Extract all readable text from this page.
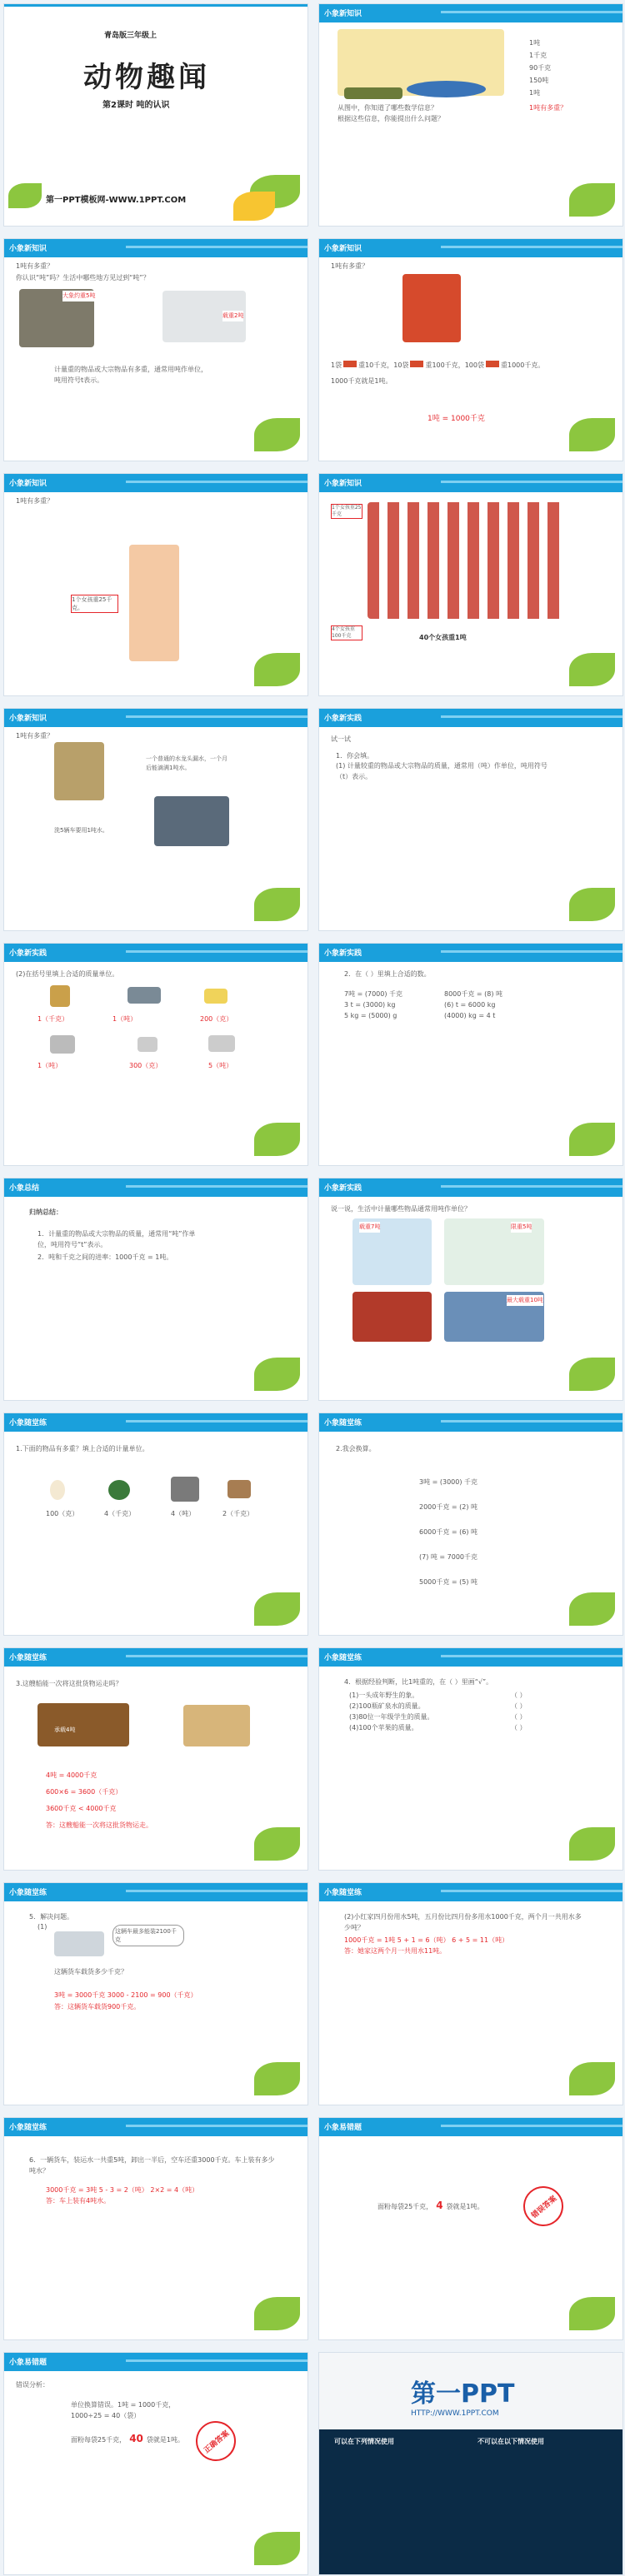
青岛版三年级上
动物趣闻
第2课时 吨的认识
第一PPT模板网-WWW.1PPT.COM
小象新知识
从图中，你知道了哪些数学信息？
根据这些信息，你能提出什么问题？
1吨
1千克
90千克
150吨
1吨
1吨有多重？
小象新知识
1吨有多重？
你认识“吨”吗？生活中哪些地方见过到“吨”？
大象约重5吨
载重2吨
计量重的物品或大宗物品有多重，通常用吨作单位，吨用符号t表示。
小象新知识
1吨有多重？
1袋	重10千克，10袋	重100千克，100袋	重1000千克。
1000千克就是1吨。
1吨 = 1000千克
小象新知识
1吨有多重？
1个女孩重25千克。
小象新知识
1个女孩重25千克
4个女孩重100千克	40个女孩重1吨
小象新知识
1吨有多重？
一个普通的水龙头漏水，一个月后能滴满1吨水。
洗5辆车要用1吨水。
小象新实践
试一试
1．你会填。
(1) 计量较重的物品或大宗物品的质量，通常用（吨）作单位，吨用符号（t）表示。
小象新实践
(2)在括号里填上合适的质量单位。
1（千克）	1（吨）	200（克）
1（吨）	300（克）	5（吨）
小象新实践
2．在（ ）里填上合适的数。
7吨 = (7000) 千克	8000千克 = (8) 吨
3 t = (3000) kg	(6) t = 6000 kg
5 kg = (5000) g	(4000) kg = 4 t
小象总结
归纳总结：
1．计量重的物品或大宗物品的质量，通常用“吨”作单位，吨用符号“t”表示。
2．吨和千克之间的进率：1000千克 = 1吨。
小象新实践
说一说，生活中计量哪些物品通常用吨作单位？
载重7吨	限重5吨
最大载重10吨
小象随堂练
1.下面的物品有多重？填上合适的计量单位。
100（克）	4（千克）	4（吨）	2（千克）
小象随堂练
2.我会换算。
3吨 = (3000) 千克
2000千克 = (2) 吨
6000千克 = (6) 吨
(7) 吨 = 7000千克
5000千克 = (5) 吨
小象随堂练
3.这艘船能一次将这批货物运走吗？
承载4吨
4吨 = 4000千克
600×6 = 3600（千克）
3600千克 < 4000千克
答：这艘船能一次将这批货物运走。
小象随堂练
4．根据经验判断，比1吨重的，在（ ）里画“√”。
(1)一头成年野生的象。	（ ）
(2)100瓶矿泉水的质量。	（ ）
(3)80位一年级学生的质量。	（ ）
(4)100个苹果的质量。	（ ）
小象随堂练
5．解决问题。
(1)
这辆车最多能装2100千克
这辆货车载货多少千克？
3吨 = 3000千克 3000 - 2100 = 900（千克）
答：这辆货车载货900千克。
小象随堂练
(2)小红家四月份用水5吨，五月份比四月份多用水1000千克，两个月一共用水多少吨？
1000千克 = 1吨 5 + 1 = 6（吨） 6 + 5 = 11（吨）
答：她家这两个月一共用水11吨。
小象随堂练
6．一辆货车，装运水一共重5吨，卸出一半后，空车还重3000千克。车上装有多少吨水？
3000千克 = 3吨 5 - 3 = 2（吨） 2×2 = 4（吨）
答：车上装有4吨水。
小象易错题
面粉每袋25千克， 4 袋就是1吨。	错误答案
小象易错题
错误分析：
单位换算错误。1吨 = 1000千克，
1000÷25 = 40（袋）
面粉每袋25千克， 40 袋就是1吨。	正确答案
第一PPT
HTTP://WWW.1PPT.COM
可以在下列情况使用	不可以在以下情况使用
